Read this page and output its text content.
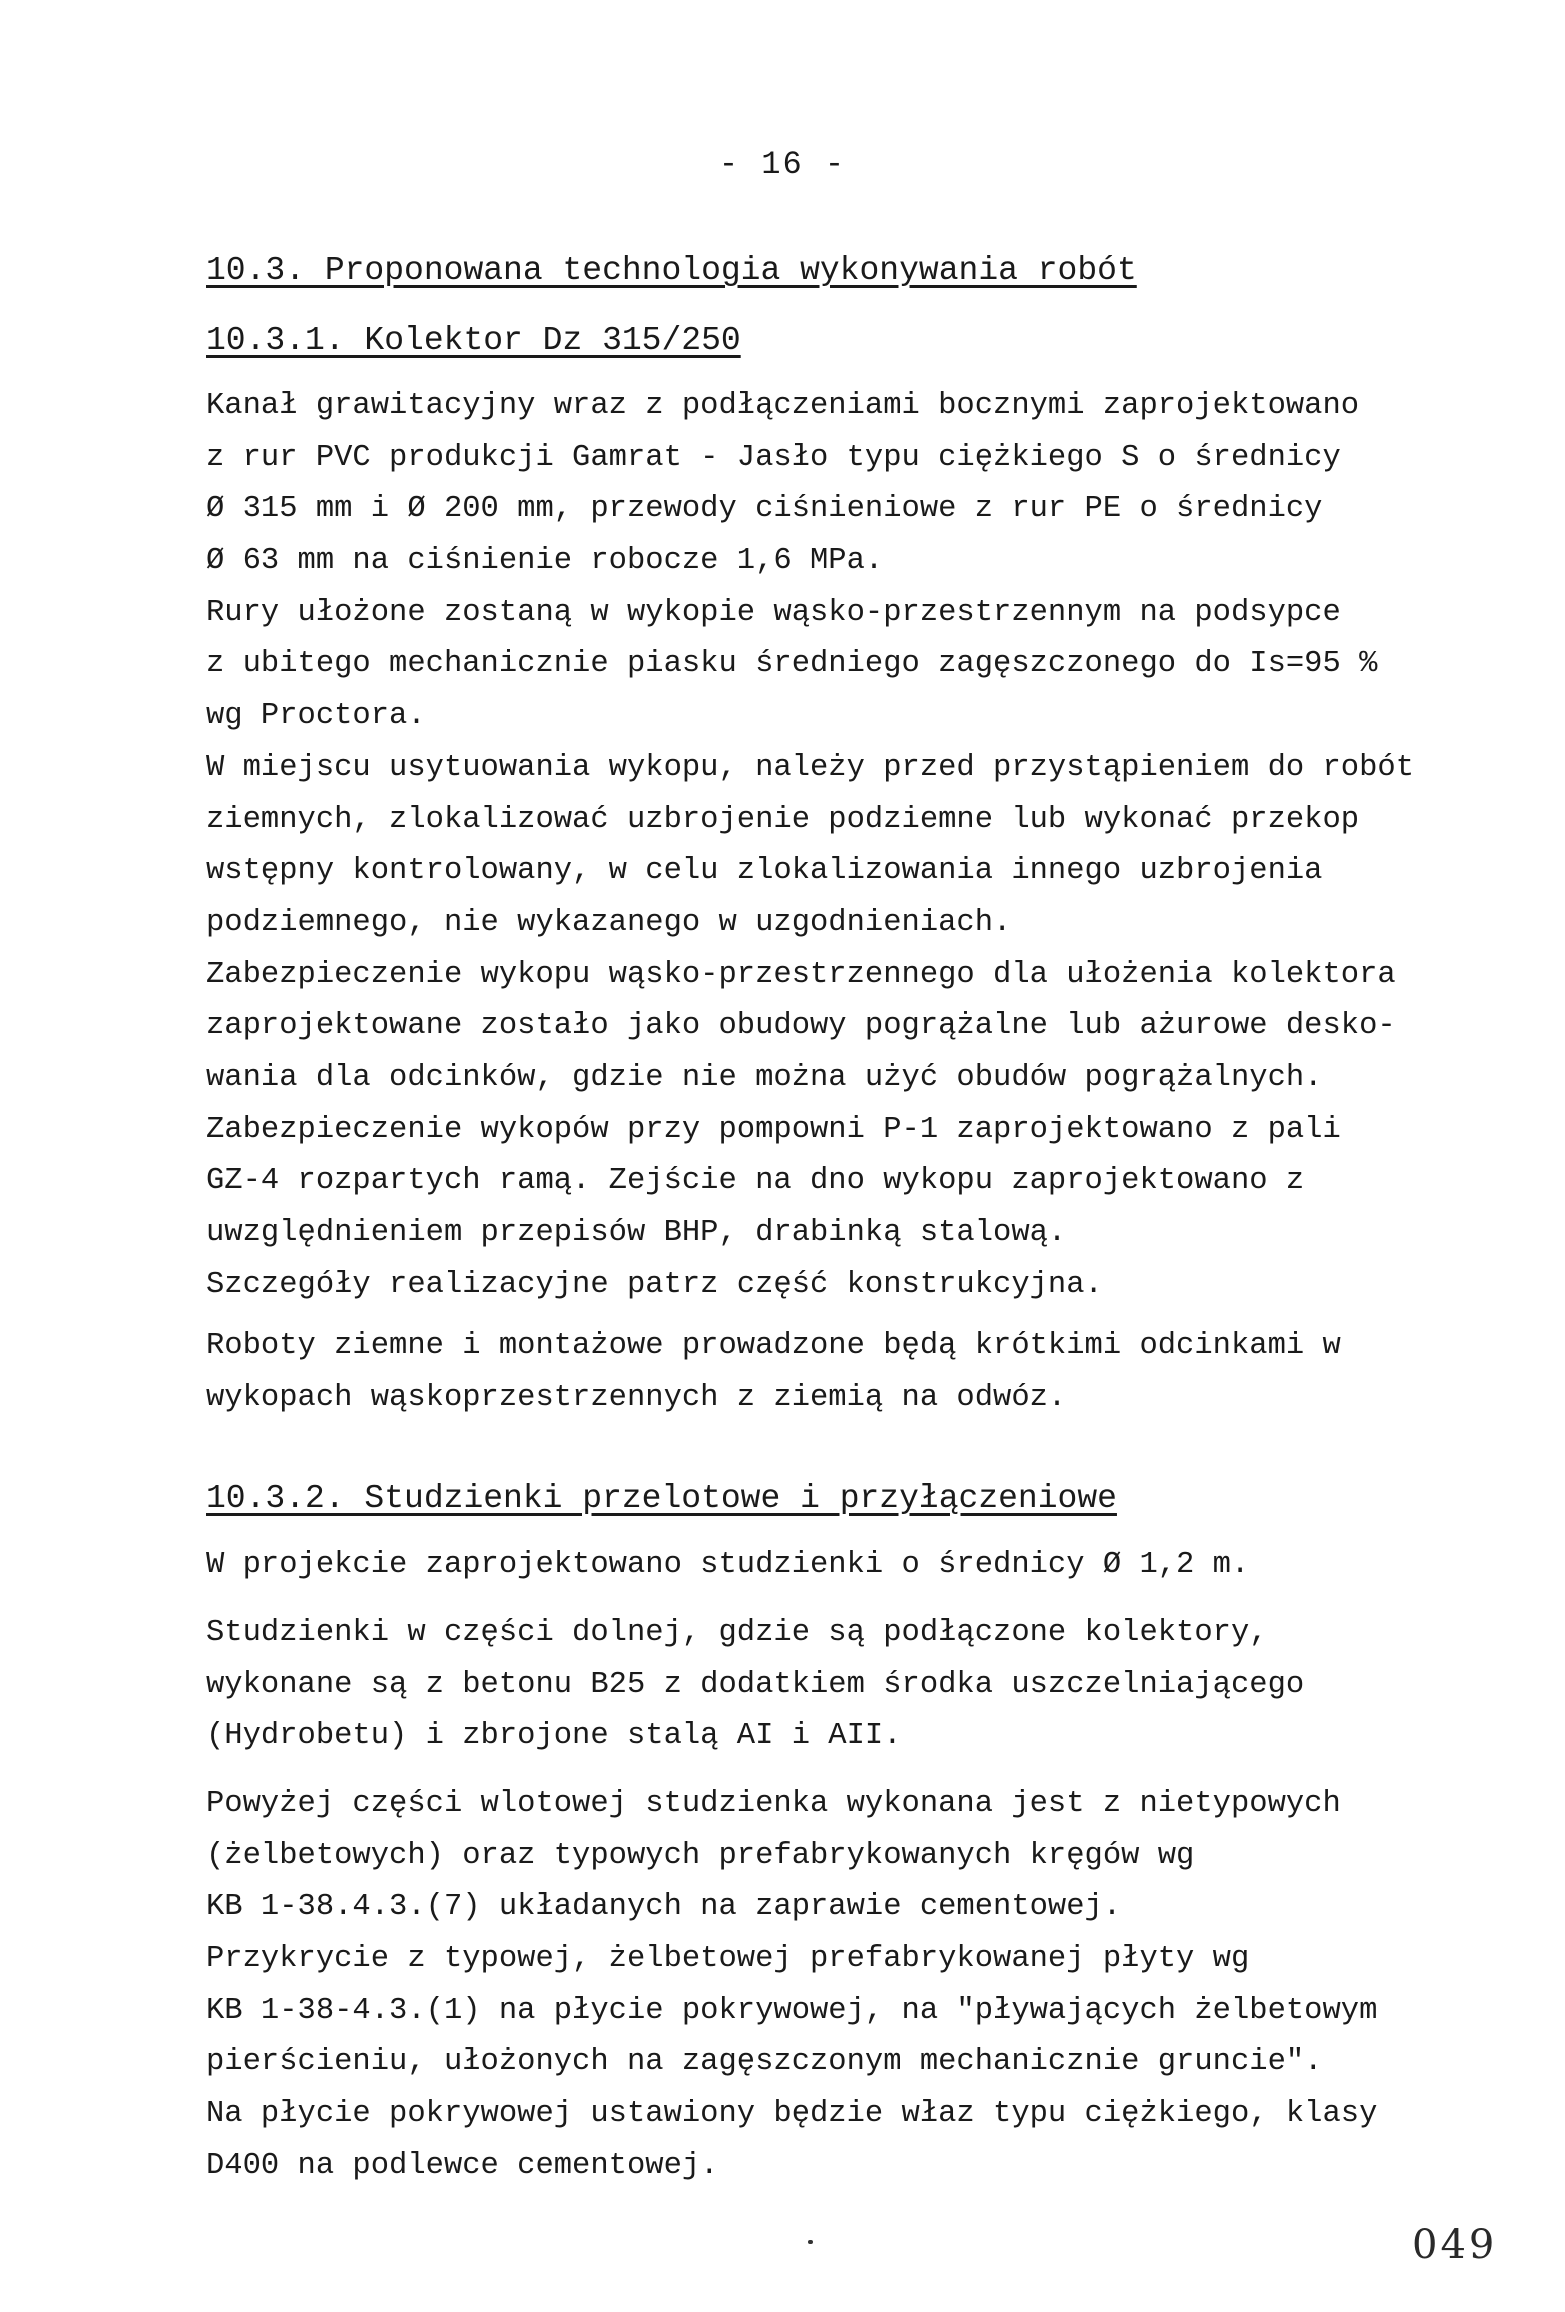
- 16 -
10.3. Proponowana technologia wykonywania robót
10.3.1. Kolektor Dz 315/250
Kanał grawitacyjny wraz z podłączeniami bocznymi zaprojektowano
z rur PVC produkcji Gamrat - Jasło typu ciężkiego S o średnicy
Ø 315 mm i Ø 200 mm, przewody ciśnieniowe z rur PE o średnicy
Ø 63 mm na ciśnienie robocze 1,6 MPa.
Rury ułożone zostaną w wykopie wąsko-przestrzennym na podsypce
z ubitego mechanicznie piasku średniego zagęszczonego do Is=95 %
wg Proctora.
W miejscu usytuowania wykopu, należy przed przystąpieniem do robót
ziemnych, zlokalizować uzbrojenie podziemne lub wykonać przekop
wstępny kontrolowany, w celu zlokalizowania innego uzbrojenia
podziemnego, nie wykazanego w uzgodnieniach.
Zabezpieczenie wykopu wąsko-przestrzennego dla ułożenia kolektora
zaprojektowane zostało jako obudowy pogrążalne lub ażurowe desko-
wania dla odcinków, gdzie nie można użyć obudów pogrążalnych.
Zabezpieczenie wykopów przy pompowni P-1 zaprojektowano z pali
GZ-4 rozpartych ramą. Zejście na dno wykopu zaprojektowano z
uwzględnieniem przepisów BHP, drabinką stalową.
Szczegóły realizacyjne patrz część konstrukcyjna.
Roboty ziemne i montażowe prowadzone będą krótkimi odcinkami w
wykopach wąskoprzestrzennych z ziemią na odwóz.
10.3.2. Studzienki przelotowe i przyłączeniowe
W projekcie zaprojektowano studzienki o średnicy Ø 1,2 m.
Studzienki w części dolnej, gdzie są podłączone kolektory,
wykonane są z betonu B25 z dodatkiem środka uszczelniającego
(Hydrobetu) i zbrojone stalą AI i AII.
Powyżej części wlotowej studzienka wykonana jest z nietypowych
(żelbetowych) oraz typowych prefabrykowanych kręgów wg
KB 1-38.4.3.(7) układanych na zaprawie cementowej.
Przykrycie z typowej, żelbetowej prefabrykowanej płyty wg
KB 1-38-4.3.(1) na płycie pokrywowej, na "pływających żelbetowym
pierścieniu, ułożonych na zagęszczonym mechanicznie gruncie".
Na płycie pokrywowej ustawiony będzie właz typu ciężkiego, klasy
D400 na podlewce cementowej.
049
